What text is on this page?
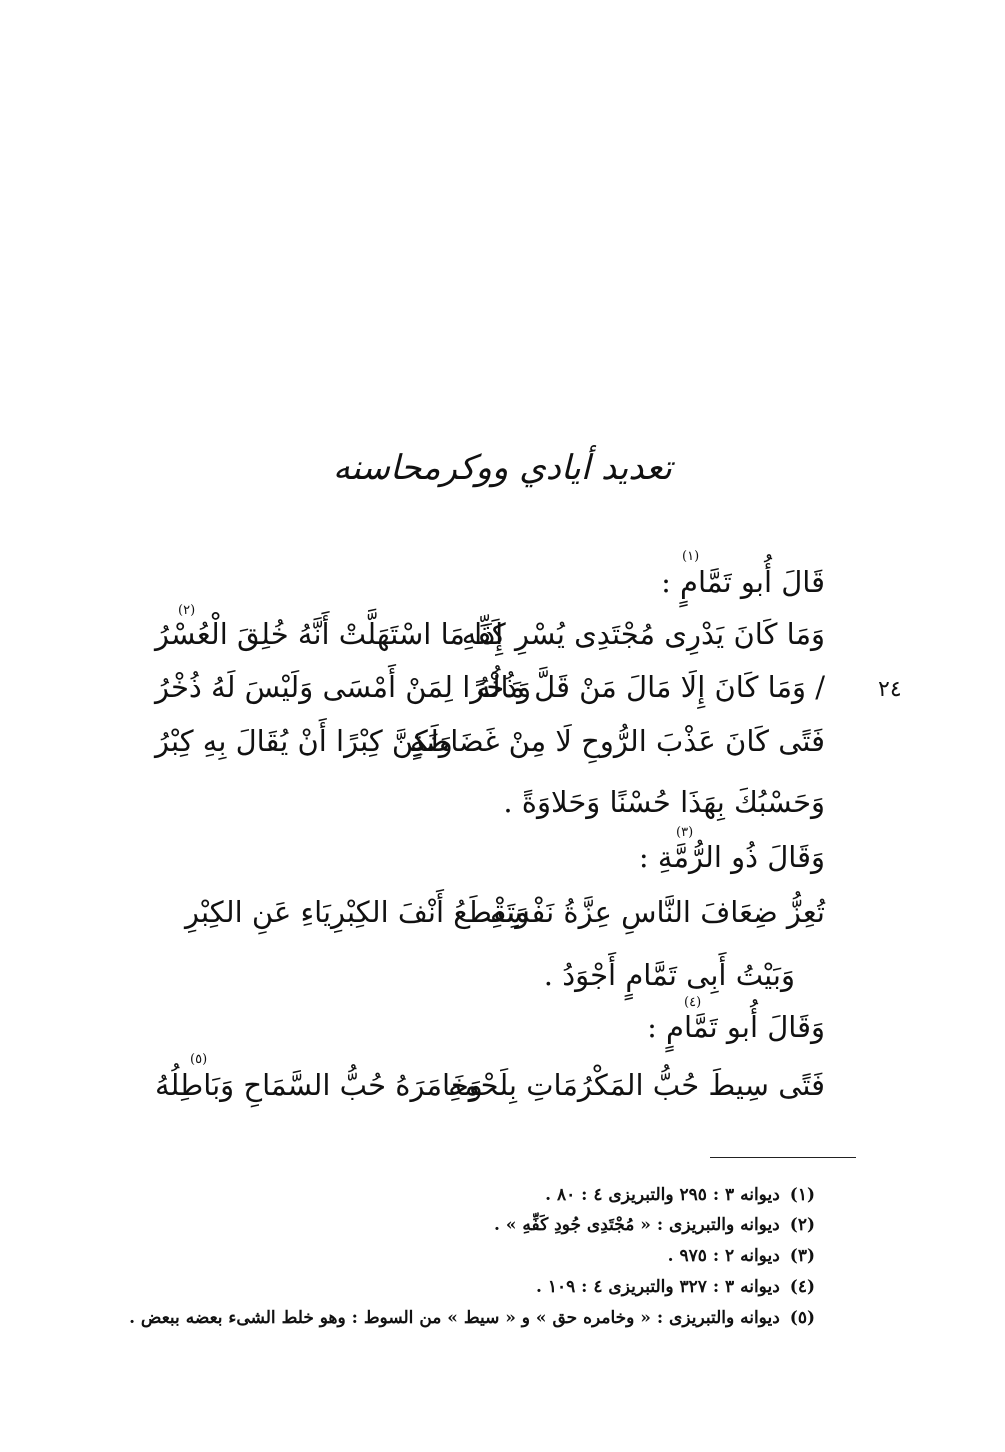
تعديد أيادي ووكرمحاسنه
قَالَ أُبو تَمَّامٍ :
(١)
وَمَا كَانَ يَدْرِى مُجْتَدِى يُسْرِ كَفِّهِ
إِذَا مَا اسْتَهَلَّتْ أَنَّهُ خُلِقَ الْعُسْرُ
(٢)
٢٤
/ وَمَا كَانَ إِلَا مَالَ مَنْ قَلَّ مَالُهُ
وَذُخْرًا لِمَنْ أَمْسَى وَلَيْسَ لَهُ ذُخْرُ
فَتًى كَانَ عَذْبَ الرُّوحِ لَا مِنْ غَضَاضَةٍ
وَلَكِنَّ كِبْرًا أَنْ يُقَالَ بِهِ كِبْرُ
وَحَسْبُكَ بِهَذَا حُسْنًا وَحَلاوَةً .
وَقَالَ ذُو الرُّمَّةِ :
(٣)
تُعِزُّ ضِعَافَ النَّاسِ عِزَّةُ نَفْسِهِ
وَتَقْطَعُ أَنْفَ الكِبْرِيَاءِ عَنِ الكِبْرِ
وَبَيْتُ أَبِى تَمَّامٍ أَجْوَدُ .
وَقَالَ أُبو تَمَّامٍ :
(٤)
فَتًى سِيطَ حُبُّ المَكْرُمَاتِ بِلَحْمِهِ
وَخَامَرَهُ حُبُّ السَّمَاحِ وَبَاطِلُهُ
(٥)
(١)ديوانه ٣ : ٢٩٥ والتبريزى ٤ : ٨٠ .
(٢)ديوانه والتبريزى : « مُجْتَدِى جُودِ كَفِّهِ » .
(٣)ديوانه ٢ : ٩٧٥ .
(٤)ديوانه ٣ : ٣٢٧ والتبريزى ٤ : ١٠٩ .
(٥)ديوانه والتبريزى : « وخامره حق » و « سيط » من السوط : وهو خلط الشىء بعضه ببعض .
